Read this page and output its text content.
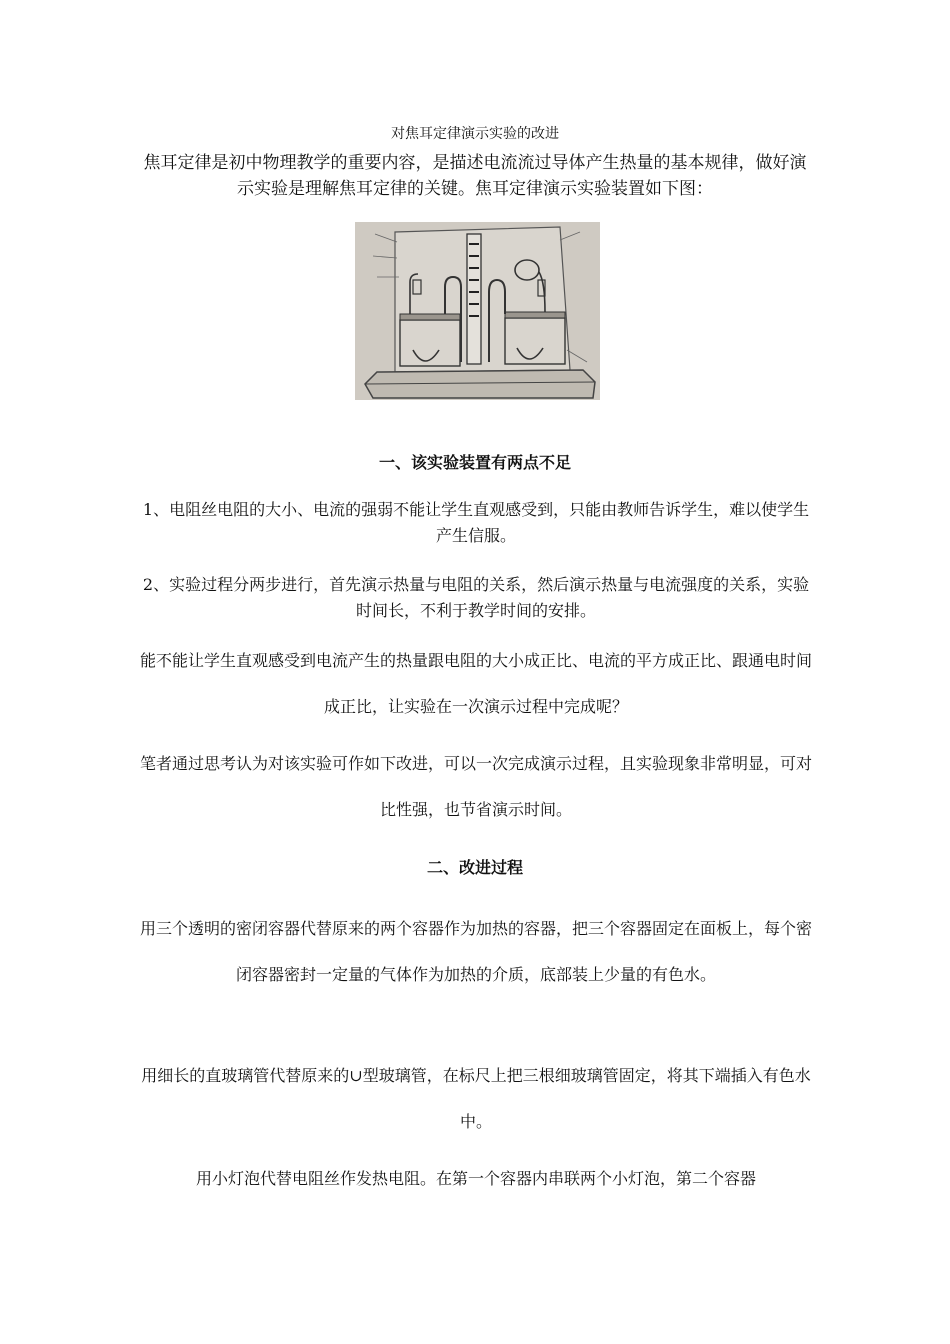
对焦耳定律演示实验的改进
焦耳定律是初中物理教学的重要内容，是描述电流流过导体产生热量的基本规律，做好演示实验是理解焦耳定律的关键。焦耳定律演示实验装置如下图：
一、该实验装置有两点不足
1、电阻丝电阻的大小、电流的强弱不能让学生直观感受到，只能由教师告诉学生，难以使学生产生信服。
2、实验过程分两步进行，首先演示热量与电阻的关系，然后演示热量与电流强度的关系，实验时间长，不利于教学时间的安排。
能不能让学生直观感受到电流产生的热量跟电阻的大小成正比、电流的平方成正比、跟通电时间成正比，让实验在一次演示过程中完成呢？
笔者通过思考认为对该实验可作如下改进，可以一次完成演示过程，且实验现象非常明显，可对比性强，也节省演示时间。
二、改进过程
用三个透明的密闭容器代替原来的两个容器作为加热的容器，把三个容器固定在面板上，每个密闭容器密封一定量的气体作为加热的介质，底部装上少量的有色水。
用细长的直玻璃管代替原来的∪型玻璃管，在标尺上把三根细玻璃管固定，将其下端插入有色水中。
用小灯泡代替电阻丝作发热电阻。在第一个容器内串联两个小灯泡，第二个容器
